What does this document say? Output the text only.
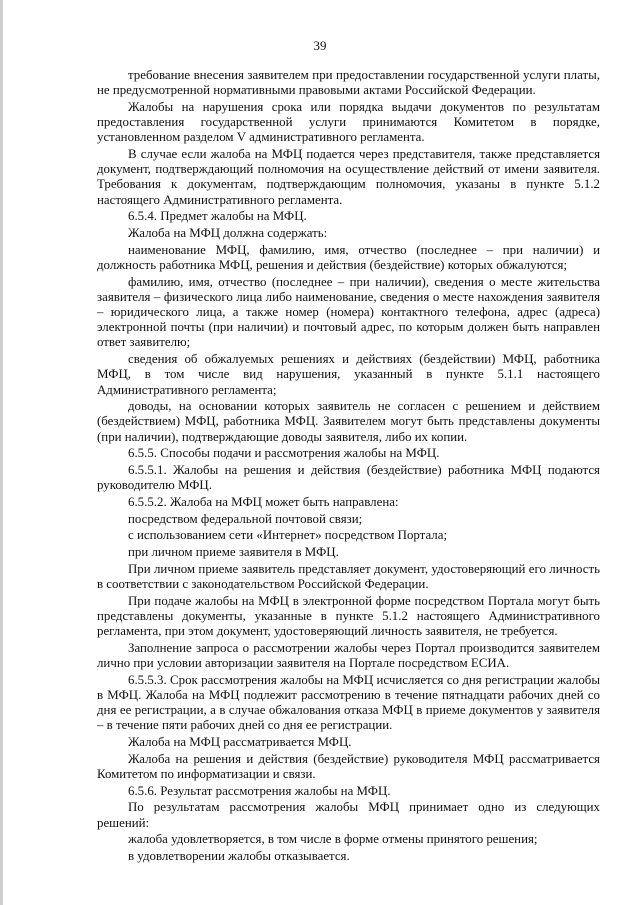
39

требование внесения заявителем при предоставлении государственной услуги платы, не предусмотренной нормативными правовыми актами Российской Федерации.

Жалобы на нарушения срока или порядка выдачи документов по результатам предоставления государственной услуги принимаются Комитетом в порядке, установленном разделом V административного регламента.

В случае если жалоба на МФЦ подается через представителя, также представляется документ, подтверждающий полномочия на осуществление действий от имени заявителя. Требования к документам, подтверждающим полномочия, указаны в пункте 5.1.2 настоящего Административного регламента.

6.5.4. Предмет жалобы на МФЦ.

Жалоба на МФЦ должна содержать:

наименование МФЦ, фамилию, имя, отчество (последнее – при наличии) и должность работника МФЦ, решения и действия (бездействие) которых обжалуются;

фамилию, имя, отчество (последнее – при наличии), сведения о месте жительства заявителя – физического лица либо наименование, сведения о месте нахождения заявителя – юридического лица, а также номер (номера) контактного телефона, адрес (адреса) электронной почты (при наличии) и почтовый адрес, по которым должен быть направлен ответ заявителю;

сведения об обжалуемых решениях и действиях (бездействии) МФЦ, работника МФЦ, в том числе вид нарушения, указанный в пункте 5.1.1 настоящего Административного регламента;

доводы, на основании которых заявитель не согласен с решением и действием (бездействием) МФЦ, работника МФЦ. Заявителем могут быть представлены документы (при наличии), подтверждающие доводы заявителя, либо их копии.

6.5.5. Способы подачи и рассмотрения жалобы на МФЦ.

6.5.5.1. Жалобы на решения и действия (бездействие) работника МФЦ подаются руководителю МФЦ.

6.5.5.2. Жалоба на МФЦ может быть направлена:

посредством федеральной почтовой связи;

с использованием сети «Интернет» посредством Портала;

при личном приеме заявителя в МФЦ.

При личном приеме заявитель представляет документ, удостоверяющий его личность в соответствии с законодательством Российской Федерации.

При подаче жалобы на МФЦ в электронной форме посредством Портала могут быть представлены документы, указанные в пункте 5.1.2 настоящего Административного регламента, при этом документ, удостоверяющий личность заявителя, не требуется.

Заполнение запроса о рассмотрении жалобы через Портал производится заявителем лично при условии авторизации заявителя на Портале посредством ЕСИА.

6.5.5.3. Срок рассмотрения жалобы на МФЦ исчисляется со дня регистрации жалобы в МФЦ. Жалоба на МФЦ подлежит рассмотрению в течение пятнадцати рабочих дней со дня ее регистрации, а в случае обжалования отказа МФЦ в приеме документов у заявителя – в течение пяти рабочих дней со дня ее регистрации.

Жалоба на МФЦ рассматривается МФЦ.

Жалоба на решения и действия (бездействие) руководителя МФЦ рассматривается Комитетом по информатизации и связи.

6.5.6. Результат рассмотрения жалобы на МФЦ.

По результатам рассмотрения жалобы МФЦ принимает одно из следующих решений:

жалоба удовлетворяется, в том числе в форме отмены принятого решения;

в удовлетворении жалобы отказывается.
